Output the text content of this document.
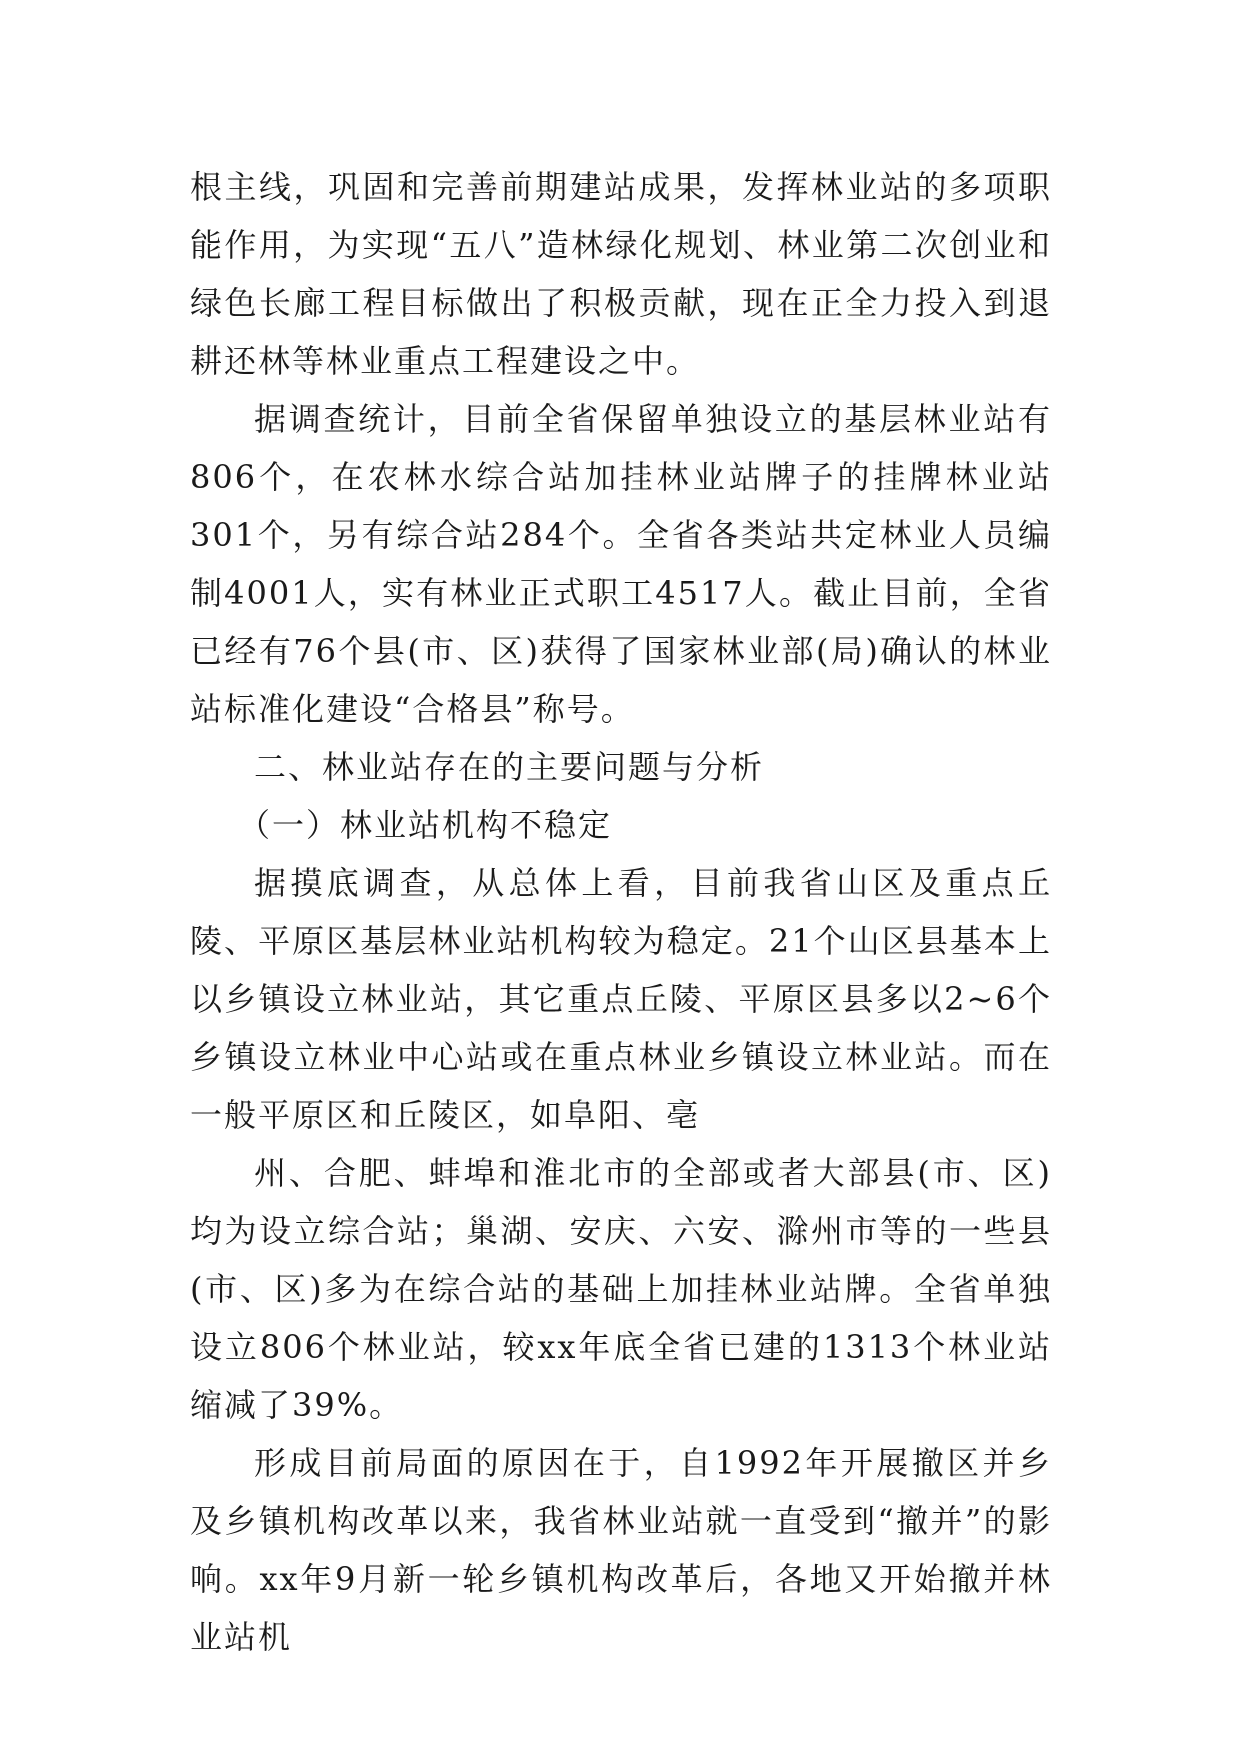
根主线，巩固和完善前期建站成果，发挥林业站的多项职能作用，为实现“五八”造林绿化规划、林业第二次创业和绿色长廊工程目标做出了积极贡献，现在正全力投入到退耕还林等林业重点工程建设之中。

据调查统计，目前全省保留单独设立的基层林业站有806个，在农林水综合站加挂林业站牌子的挂牌林业站301个，另有综合站284个。全省各类站共定林业人员编制4001人，实有林业正式职工4517人。截止目前，全省已经有76个县(市、区)获得了国家林业部(局)确认的林业站标准化建设“合格县”称号。

二、林业站存在的主要问题与分析

（一）林业站机构不稳定

据摸底调查，从总体上看，目前我省山区及重点丘陵、平原区基层林业站机构较为稳定。21个山区县基本上以乡镇设立林业站，其它重点丘陵、平原区县多以2~6个乡镇设立林业中心站或在重点林业乡镇设立林业站。而在一般平原区和丘陵区，如阜阳、亳

州、合肥、蚌埠和淮北市的全部或者大部县(市、区)均为设立综合站；巢湖、安庆、六安、滁州市等的一些县(市、区)多为在综合站的基础上加挂林业站牌。全省单独设立806个林业站，较xx年底全省已建的1313个林业站缩减了39%。

形成目前局面的原因在于，自1992年开展撤区并乡及乡镇机构改革以来，我省林业站就一直受到“撤并”的影响。xx年9月新一轮乡镇机构改革后，各地又开始撤并林业站机
